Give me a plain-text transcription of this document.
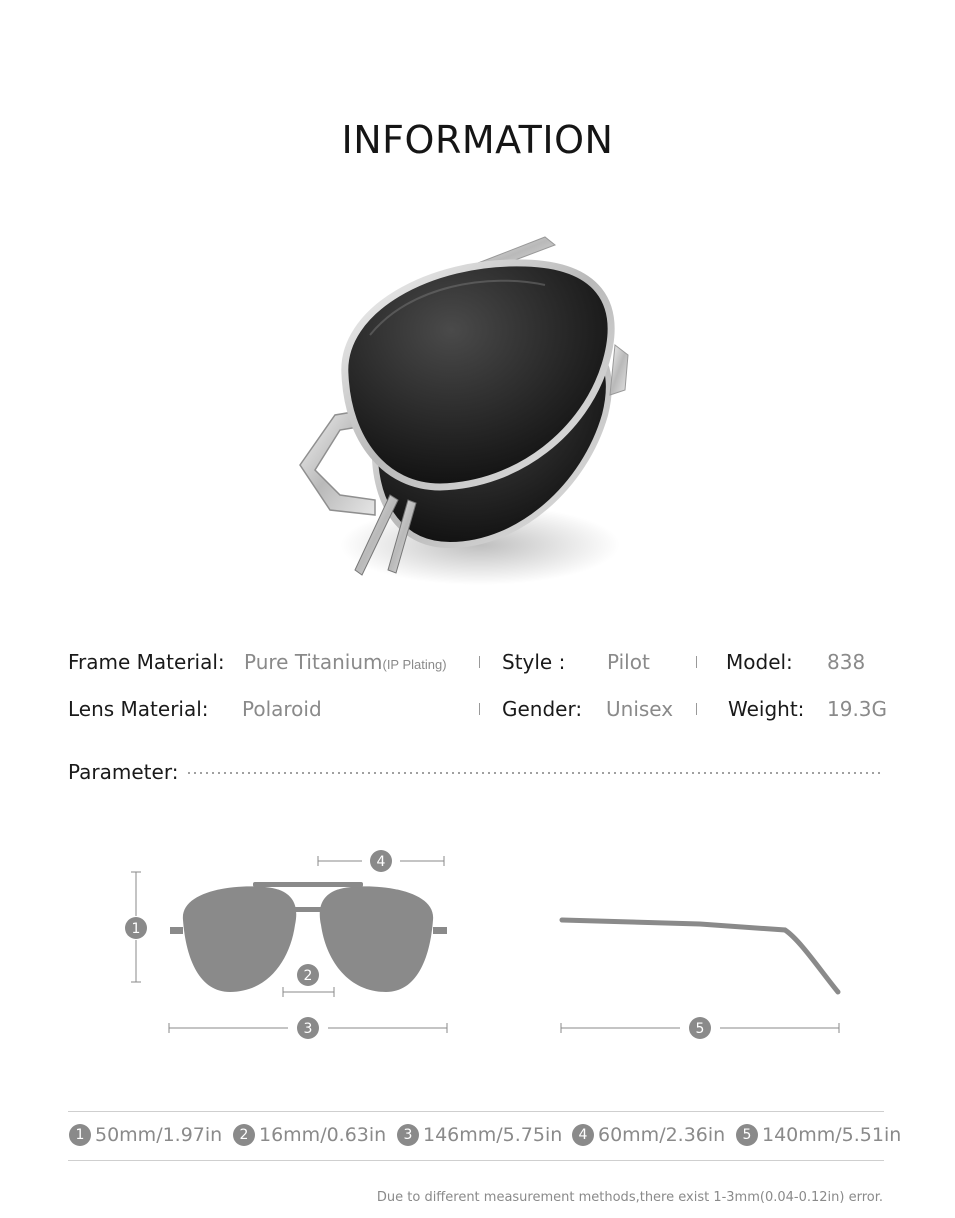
INFORMATION
Frame Material: Pure Titanium (IP Plating)	Style : Pilot	Model: 838
Lens Material: Polaroid	Gender: Unisex	Weight: 19.3G
Parameter:
1
4
2
3	5
1 50mm/1.97in	2 16mm/0.63in	3 146mm/5.75in	4 60mm/2.36in	5 140mm/5.51in
Due to different measurement methods,there exist 1-3mm(0.04-0.12in) error.
